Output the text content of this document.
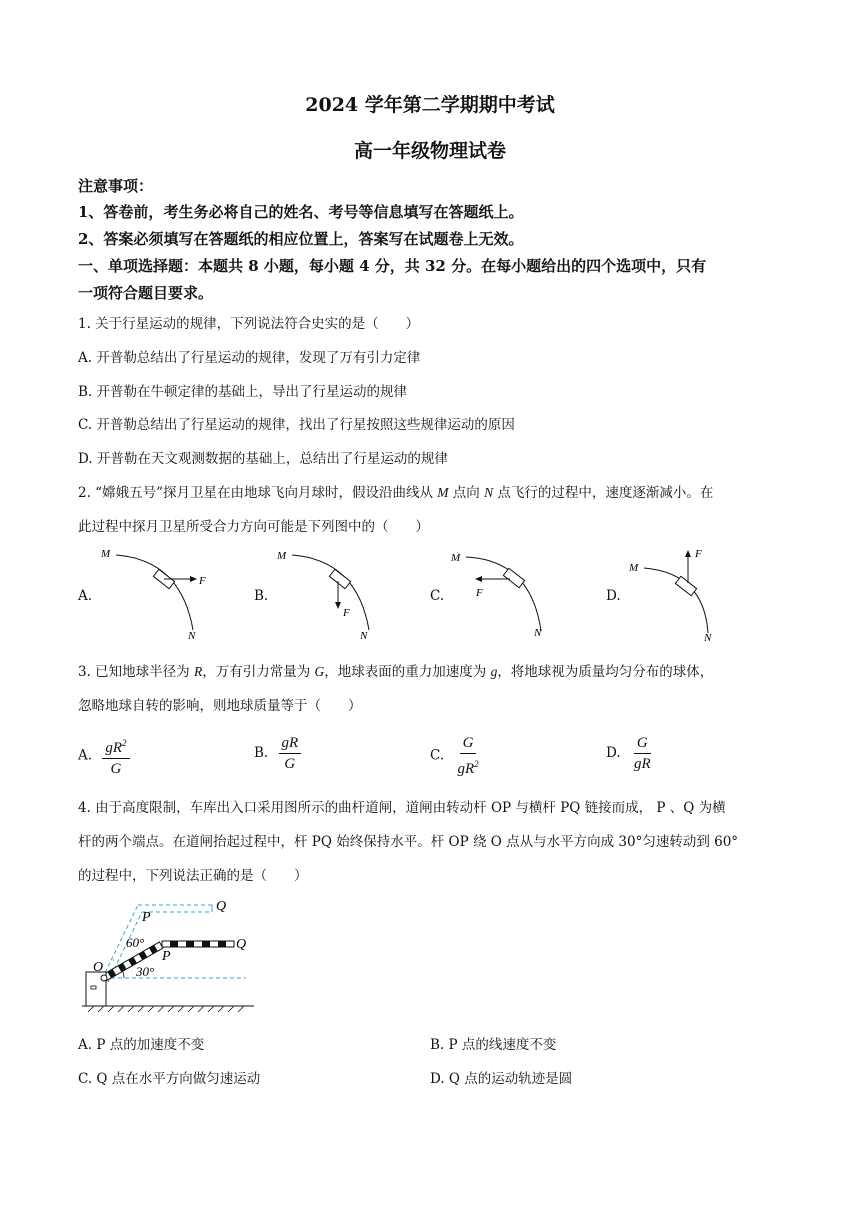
2024 学年第二学期期中考试
高一年级物理试卷
注意事项：
1、答卷前，考生务必将自己的姓名、考号等信息填写在答题纸上。
2、答案必须填写在答题纸的相应位置上，答案写在试题卷上无效。
一、单项选择题：本题共 8 小题，每小题 4 分，共 32 分。在每小题给出的四个选项中，只有
一项符合题目要求。
1. 关于行星运动的规律，下列说法符合史实的是（　　）
A. 开普勒总结出了行星运动的规律，发现了万有引力定律
B. 开普勒在牛顿定律的基础上，导出了行星运动的规律
C. 开普勒总结出了行星运动的规律，找出了行星按照这些规律运动的原因
D. 开普勒在天文观测数据的基础上，总结出了行星运动的规律
2. “嫦娥五号”探月卫星在由地球飞向月球时，假设沿曲线从 M 点向 N 点飞行的过程中，速度逐渐减小。在
此过程中探月卫星所受合力方向可能是下列图中的（　　）
A.	B.	C.	D.
M
F
N
M
F
N
M
F
N
M
F
N
3. 已知地球半径为 R，万有引力常量为 G，地球表面的重力加速度为 g，将地球视为质量均匀分布的球体，
忽略地球自转的影响，则地球质量等于（　　）
A. $\frac{gR^2}{G}$	B. $\frac{gR}{G}$	C. $\frac{G}{gR^2}$	D. $\frac{G}{gR}$
4. 由于高度限制，车库出入口采用图所示的曲杆道闸，道闸由转动杆 OP 与横杆 PQ 链接而成， P 、Q 为横
杆的两个端点。在道闸抬起过程中，杆 PQ 始终保持水平。杆 OP 绕 O 点从与水平方向成 30°匀速转动到 60°
的过程中，下列说法正确的是（　　）
O
P
Q
P
Q
60°
30°
A. P 点的加速度不变	B. P 点的线速度不变
C. Q 点在水平方向做匀速运动	D. Q 点的运动轨迹是圆
